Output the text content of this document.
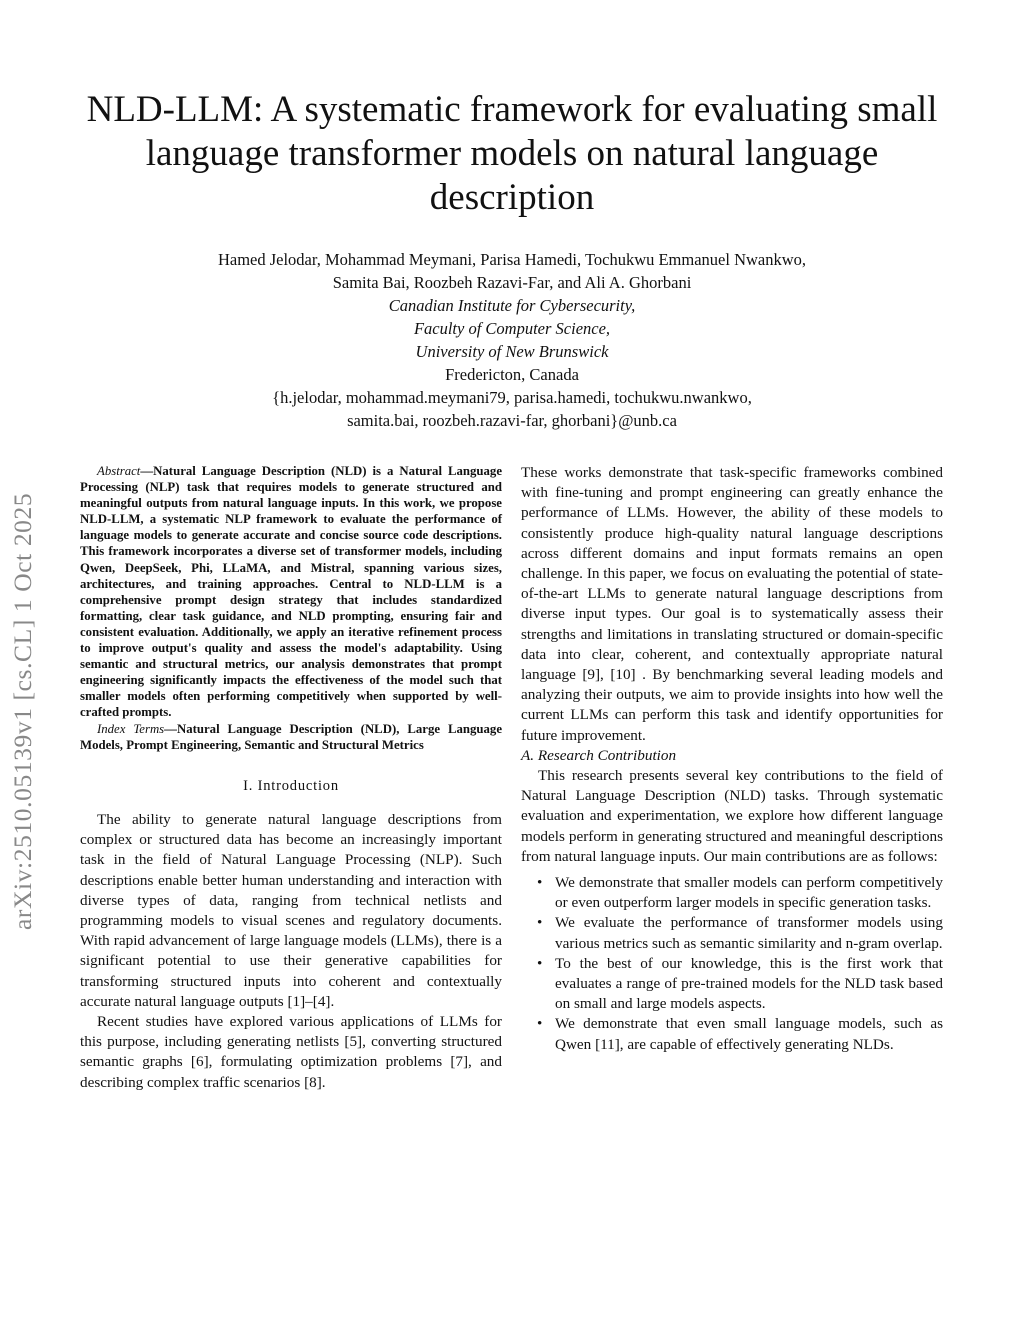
arXiv:2510.05139v1 [cs.CL] 1 Oct 2025
NLD-LLM: A systematic framework for evaluating small language transformer models on natural language description
Hamed Jelodar, Mohammad Meymani, Parisa Hamedi, Tochukwu Emmanuel Nwankwo,
Samita Bai, Roozbeh Razavi-Far, and Ali A. Ghorbani
Canadian Institute for Cybersecurity,
Faculty of Computer Science,
University of New Brunswick
Fredericton, Canada
{h.jelodar, mohammad.meymani79, parisa.hamedi, tochukwu.nwankwo,
samita.bai, roozbeh.razavi-far, ghorbani}@unb.ca

Abstract—Natural Language Description (NLD) is a Natural Language Processing (NLP) task that requires models to generate structured and meaningful outputs from natural language inputs. In this work, we propose NLD-LLM, a systematic NLP framework to evaluate the performance of language models to generate accurate and concise source code descriptions. This framework incorporates a diverse set of transformer models, including Qwen, DeepSeek, Phi, LLaMA, and Mistral, spanning various sizes, architectures, and training approaches. Central to NLD-LLM is a comprehensive prompt design strategy that includes standardized formatting, clear task guidance, and NLD prompting, ensuring fair and consistent evaluation. Additionally, we apply an iterative refinement process to improve output's quality and assess the model's adaptability. Using semantic and structural metrics, our analysis demonstrates that prompt engineering significantly impacts the effectiveness of the model such that smaller models often performing competitively when supported by well-crafted prompts.

Index Terms—Natural Language Description (NLD), Large Language Models, Prompt Engineering, Semantic and Structural Metrics

I. Introduction

The ability to generate natural language descriptions from complex or structured data has become an increasingly important task in the field of Natural Language Processing (NLP). Such descriptions enable better human understanding and interaction with diverse types of data, ranging from technical netlists and programming models to visual scenes and regulatory documents. With rapid advancement of large language models (LLMs), there is a significant potential to use their generative capabilities for transforming structured inputs into coherent and contextually accurate natural language outputs [1]–[4].

Recent studies have explored various applications of LLMs for this purpose, including generating netlists [5], converting structured semantic graphs [6], formulating optimization problems [7], and describing complex traffic scenarios [8].

These works demonstrate that task-specific frameworks combined with fine-tuning and prompt engineering can greatly enhance the performance of LLMs. However, the ability of these models to consistently produce high-quality natural language descriptions across different domains and input formats remains an open challenge. In this paper, we focus on evaluating the potential of state-of-the-art LLMs to generate natural language descriptions from diverse input types. Our goal is to systematically assess their strengths and limitations in translating structured or domain-specific data into clear, coherent, and contextually appropriate natural language [9], [10] . By benchmarking several leading models and analyzing their outputs, we aim to provide insights into how well the current LLMs can perform this task and identify opportunities for future improvement.

A. Research Contribution

This research presents several key contributions to the field of Natural Language Description (NLD) tasks. Through systematic evaluation and experimentation, we explore how different language models perform in generating structured and meaningful descriptions from natural language inputs. Our main contributions are as follows:

• We demonstrate that smaller models can perform competitively or even outperform larger models in specific generation tasks.
• We evaluate the performance of transformer models using various metrics such as semantic similarity and n-gram overlap.
• To the best of our knowledge, this is the first work that evaluates a range of pre-trained models for the NLD task based on small and large models aspects.
• We demonstrate that even small language models, such as Qwen [11], are capable of effectively generating NLDs.
